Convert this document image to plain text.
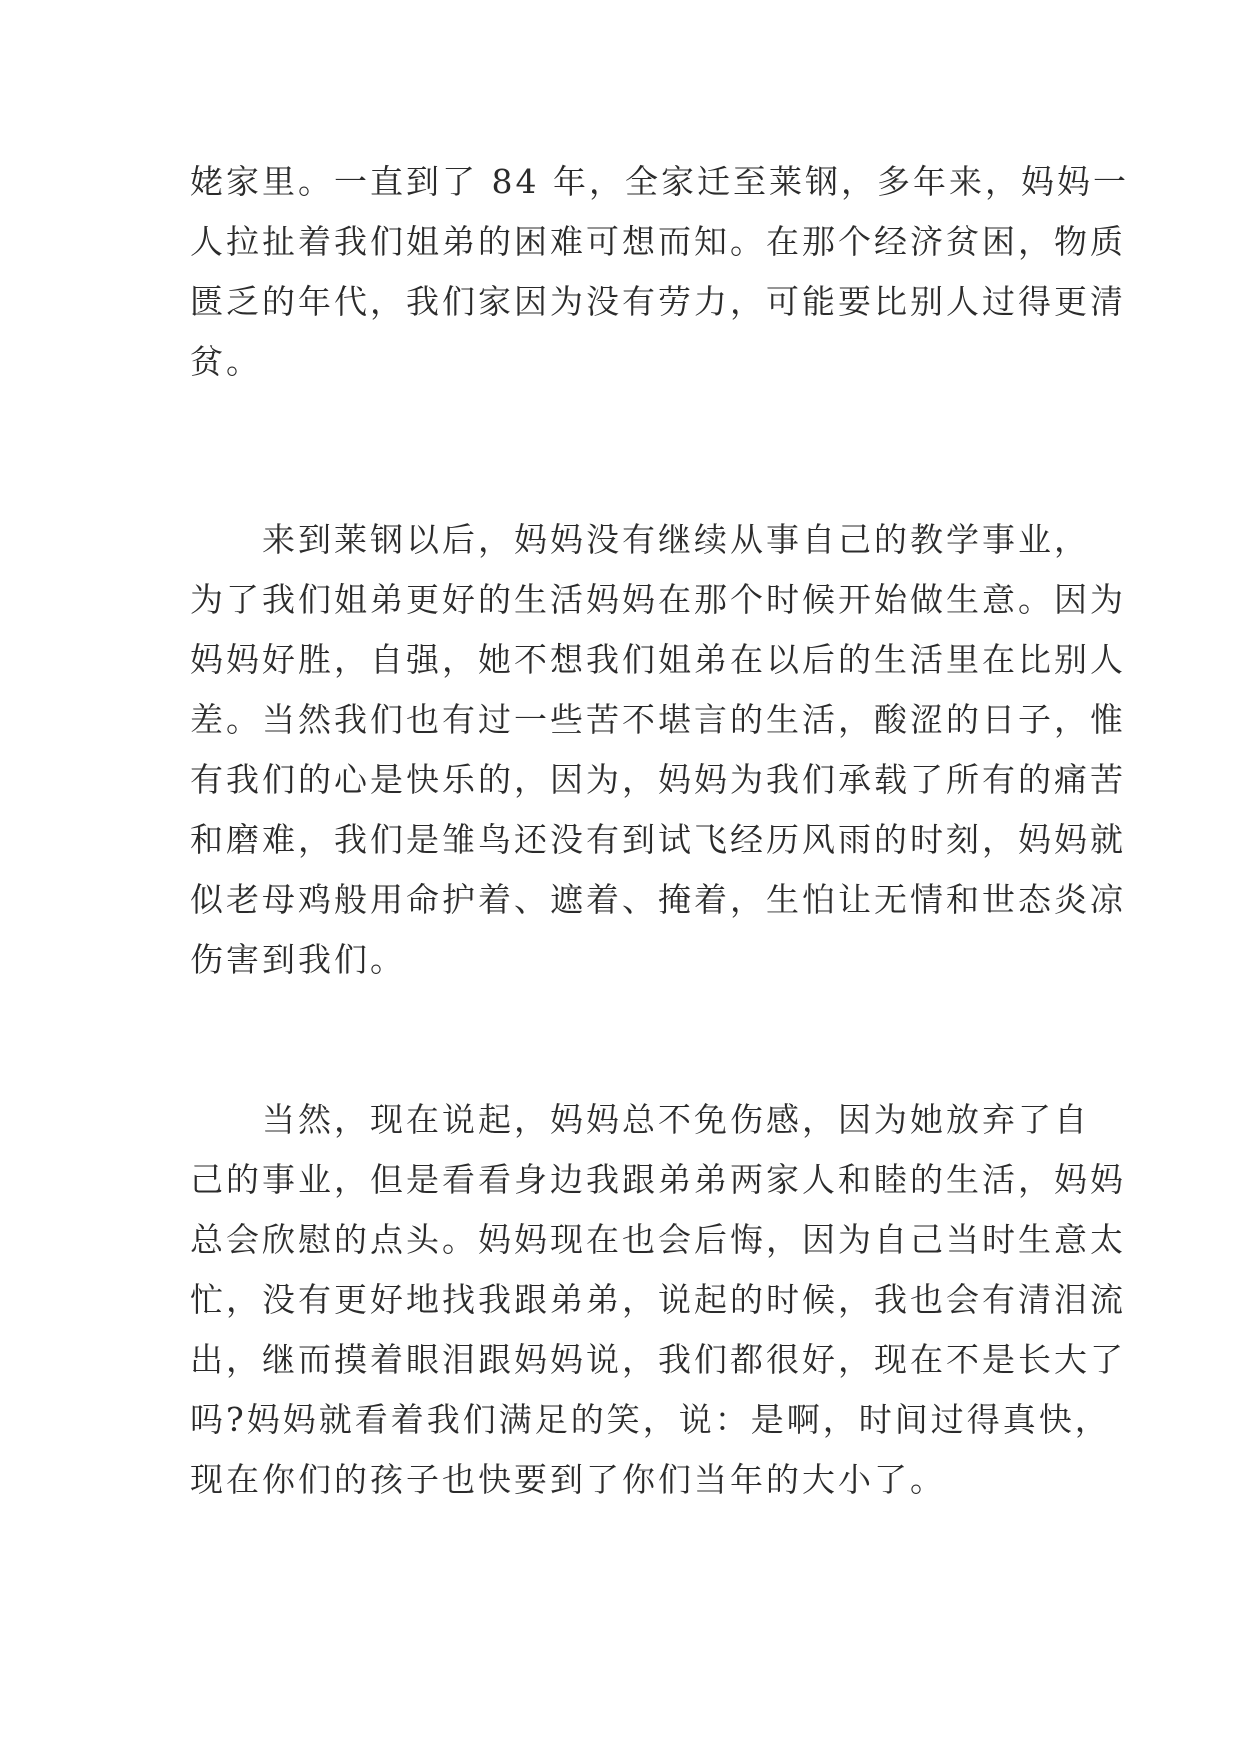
姥家里。一直到了 84 年，全家迁至莱钢，多年来，妈妈一
人拉扯着我们姐弟的困难可想而知。在那个经济贫困，物质
匮乏的年代，我们家因为没有劳力，可能要比别人过得更清
贫。
　　来到莱钢以后，妈妈没有继续从事自己的教学事业，
为了我们姐弟更好的生活妈妈在那个时候开始做生意。因为
妈妈好胜，自强，她不想我们姐弟在以后的生活里在比别人
差。当然我们也有过一些苦不堪言的生活，酸涩的日子，惟
有我们的心是快乐的，因为，妈妈为我们承载了所有的痛苦
和磨难，我们是雏鸟还没有到试飞经历风雨的时刻，妈妈就
似老母鸡般用命护着、遮着、掩着，生怕让无情和世态炎凉
伤害到我们。
　　当然，现在说起，妈妈总不免伤感，因为她放弃了自
己的事业，但是看看身边我跟弟弟两家人和睦的生活，妈妈
总会欣慰的点头。妈妈现在也会后悔，因为自己当时生意太
忙，没有更好地找我跟弟弟，说起的时候，我也会有清泪流
出，继而摸着眼泪跟妈妈说，我们都很好，现在不是长大了
吗?妈妈就看着我们满足的笑，说：是啊，时间过得真快，
现在你们的孩子也快要到了你们当年的大小了。
